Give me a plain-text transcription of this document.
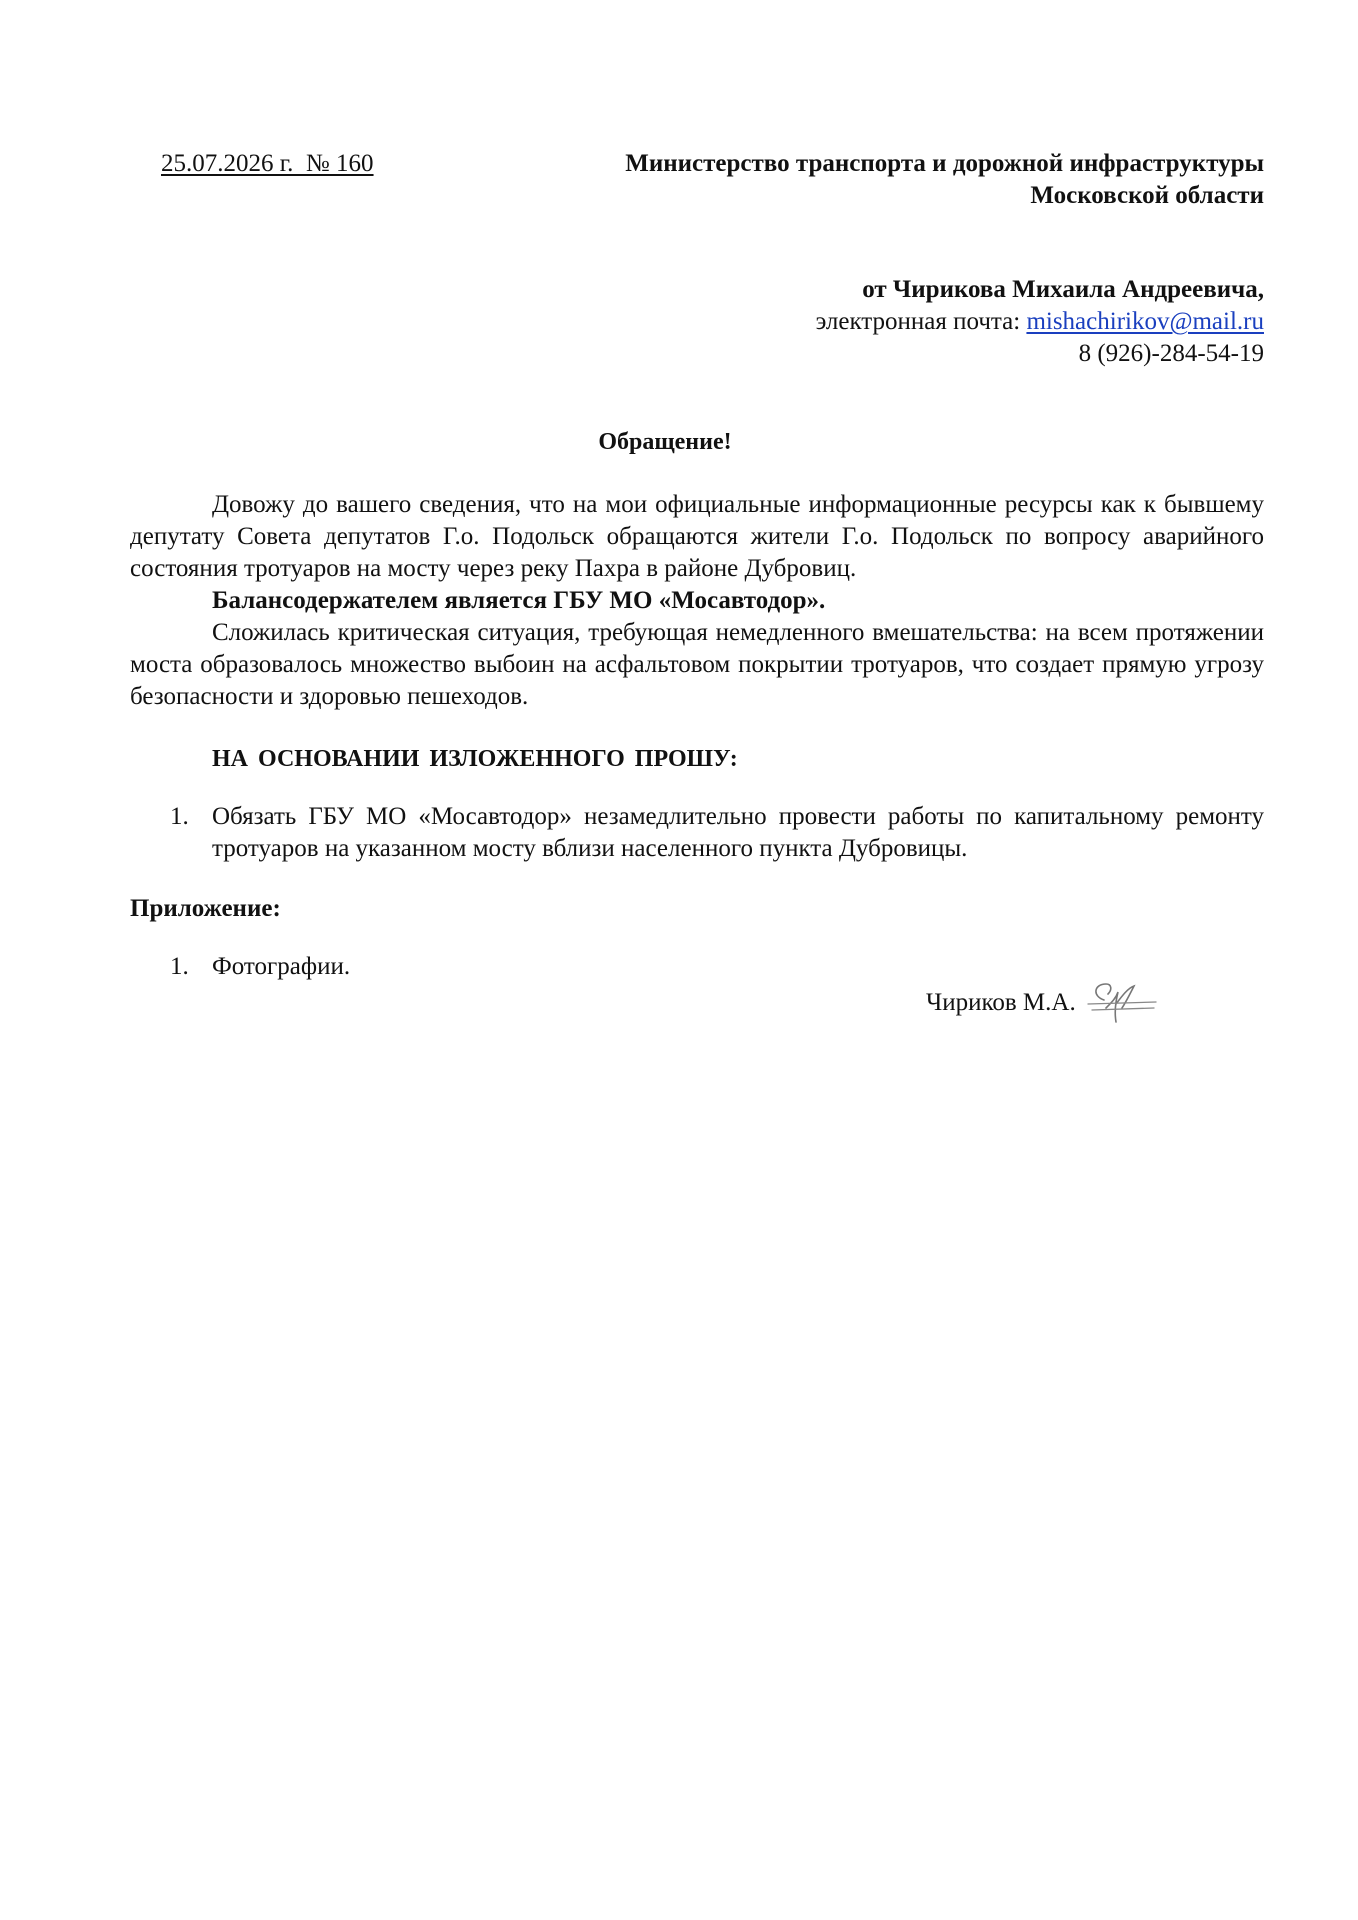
25.07.2026 г.  № 160	Министерство транспорта и дорожной инфраструктуры
Московской области
от Чирикова Михаила Андреевича,
электронная почта: mishachirikov@mail.ru
8 (926)-284-54-19
Обращение!

Довожу до вашего сведения, что на мои официальные информационные ресурсы как к бывшему депутату Совета депутатов Г.о. Подольск обращаются жители Г.о. Подольск по вопросу аварийного состояния тротуаров на мосту через реку Пахра в районе Дубровиц.

Балансодержателем является ГБУ МО «Мосавтодор».

Сложилась критическая ситуация, требующая немедленного вмешательства: на всем протяжении моста образовалось множество выбоин на асфальтовом покрытии тротуаров, что создает прямую угрозу безопасности и здоровью пешеходов.

НА ОСНОВАНИИ ИЗЛОЖЕННОГО ПРОШУ:
1. Обязать ГБУ МО «Мосавтодор» незамедлительно провести работы по капитальному ремонту тротуаров на указанном мосту вблизи населенного пункта Дубровицы.
Приложение:
1. Фотографии.
Чириков М.А.
